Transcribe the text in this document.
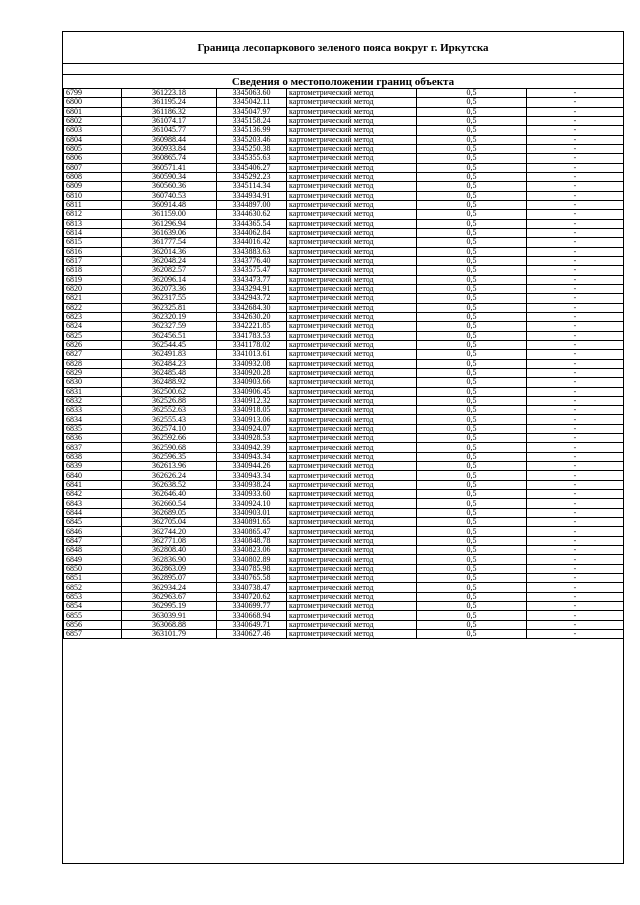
Граница лесопаркового зеленого пояса вокруг г. Иркутска
Сведения о местоположении границ объекта
6799	361223.18	3345063.60	картометрический метод	0,5	-
6800	361195.24	3345042.11	картометрический метод	0,5	-
6801	361186.32	3345047.97	картометрический метод	0,5	-
6802	361074.17	3345158.24	картометрический метод	0,5	-
6803	361045.77	3345136.99	картометрический метод	0,5	-
6804	360988.44	3345203.46	картометрический метод	0,5	-
6805	360933.84	3345250.38	картометрический метод	0,5	-
6806	360865.74	3345355.63	картометрический метод	0,5	-
6807	360571.41	3345406.27	картометрический метод	0,5	-
6808	360590.34	3345292.23	картометрический метод	0,5	-
6809	360560.36	3345114.34	картометрический метод	0,5	-
6810	360740.53	3344934.91	картометрический метод	0,5	-
6811	360914.48	3344897.00	картометрический метод	0,5	-
6812	361159.00	3344630.62	картометрический метод	0,5	-
6813	361296.94	3344365.54	картометрический метод	0,5	-
6814	361639.06	3344062.84	картометрический метод	0,5	-
6815	361777.54	3344016.42	картометрический метод	0,5	-
6816	362014.36	3343883.63	картометрический метод	0,5	-
6817	362048.24	3343776.40	картометрический метод	0,5	-
6818	362082.57	3343575.47	картометрический метод	0,5	-
6819	362096.14	3343473.77	картометрический метод	0,5	-
6820	362073.36	3343294.91	картометрический метод	0,5	-
6821	362317.55	3342943.72	картометрический метод	0,5	-
6822	362325.81	3342684.30	картометрический метод	0,5	-
6823	362320.19	3342630.20	картометрический метод	0,5	-
6824	362327.59	3342221.85	картометрический метод	0,5	-
6825	362456.51	3341783.53	картометрический метод	0,5	-
6826	362544.45	3341178.02	картометрический метод	0,5	-
6827	362491.83	3341013.61	картометрический метод	0,5	-
6828	362484.23	3340932.08	картометрический метод	0,5	-
6829	362485.48	3340920.28	картометрический метод	0,5	-
6830	362488.92	3340903.66	картометрический метод	0,5	-
6831	362500.62	3340906.45	картометрический метод	0,5	-
6832	362526.88	3340912.32	картометрический метод	0,5	-
6833	362552.63	3340918.05	картометрический метод	0,5	-
6834	362555.43	3340913.06	картометрический метод	0,5	-
6835	362574.10	3340924.07	картометрический метод	0,5	-
6836	362592.66	3340928.53	картометрический метод	0,5	-
6837	362590.68	3340942.39	картометрический метод	0,5	-
6838	362596.35	3340943.34	картометрический метод	0,5	-
6839	362613.96	3340944.26	картометрический метод	0,5	-
6840	362626.24	3340943.34	картометрический метод	0,5	-
6841	362638.52	3340938.24	картометрический метод	0,5	-
6842	362646.40	3340933.60	картометрический метод	0,5	-
6843	362660.54	3340924.10	картометрический метод	0,5	-
6844	362689.05	3340903.01	картометрический метод	0,5	-
6845	362705.04	3340891.65	картометрический метод	0,5	-
6846	362744.20	3340865.47	картометрический метод	0,5	-
6847	362771.08	3340848.78	картометрический метод	0,5	-
6848	362808.40	3340823.06	картометрический метод	0,5	-
6849	362836.90	3340802.89	картометрический метод	0,5	-
6850	362863.09	3340785.98	картометрический метод	0,5	-
6851	362895.07	3340765.58	картометрический метод	0,5	-
6852	362934.24	3340738.47	картометрический метод	0,5	-
6853	362963.67	3340720.62	картометрический метод	0,5	-
6854	362995.19	3340699.77	картометрический метод	0,5	-
6855	363039.91	3340668.94	картометрический метод	0,5	-
6856	363068.88	3340649.71	картометрический метод	0,5	-
6857	363101.79	3340627.46	картометрический метод	0,5	-
